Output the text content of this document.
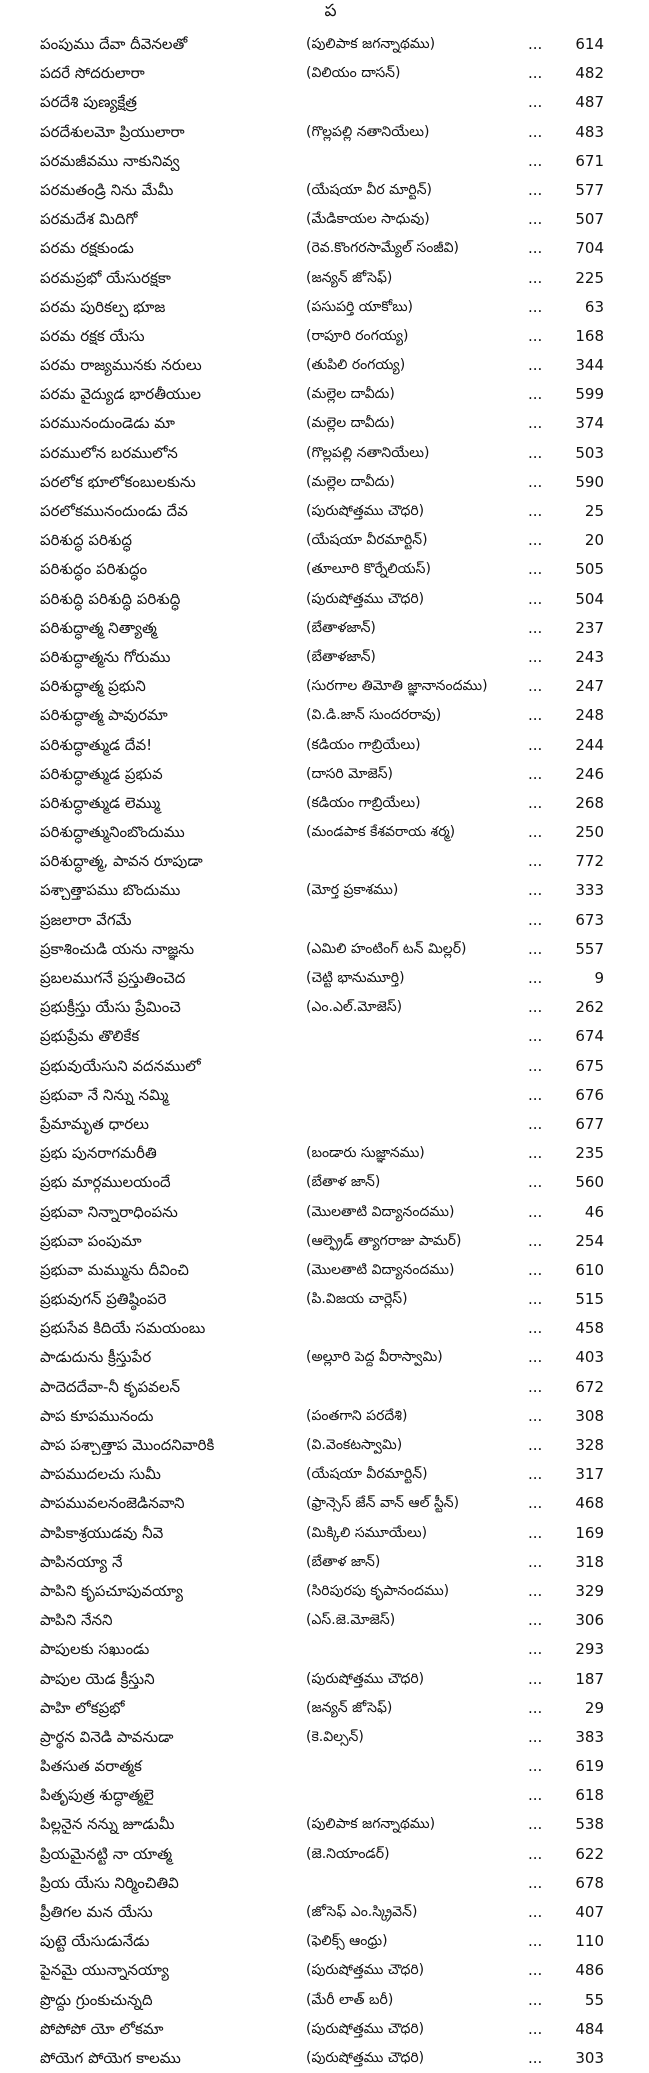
ప
పంపుము దేవా దీవెనలతో	(పులిపాక జగన్నాథము)	...	614
పదరే సోదరులారా	(విలియం దాసన్)	...	482
పరదేశి పుణ్యక్షేత్ర	...	487
పరదేశులమో ప్రియులారా	(గొల్లపల్లి నతానియేలు)	...	483
పరమజీవము నాకునివ్వ	...	671
పరమతండ్రి నిను మేమీ	(యేషయా వీర మార్టిన్)	...	577
పరమదేశ మిదిగో	(మేడికాయల సాధువు)	...	507
పరమ రక్షకుండు	(రెవ.కొంగరసామ్యేల్ సంజీవి)	...	704
పరమప్రభో యేసురక్షకా	(జన్యన్ జోసెఫ్)	...	225
పరమ పురికల్ప భూజ	(పసుపర్తి యాకోబు)	...	63
పరమ రక్షక యేసు	(రాపూరి రంగయ్య)	...	168
పరమ రాజ్యమునకు నరులు	(తుపిలి రంగయ్య)	...	344
పరమ వైద్యుడ భారతీయుల	(మల్లెల దావీదు)	...	599
పరమునందుండెడు మా	(మల్లెల దావీదు)	...	374
పరములోన బరములోన	(గొల్లపల్లి నతానియేలు)	...	503
పరలోక భూలోకంబులకును	(మల్లెల దావీదు)	...	590
పరలోకమునందుండు దేవ	(పురుషోత్తము చౌధరి)	...	25
పరిశుద్ధ పరిశుద్ధ	(యేషయా వీరమార్టిన్)	...	20
పరిశుద్ధం పరిశుద్ధం	(తూలూరి కొర్నేలియస్)	...	505
పరిశుద్ధి పరిశుద్ధి పరిశుద్ధి	(పురుషోత్తము చౌధరి)	...	504
పరిశుద్ధాత్మ నిత్యాత్మ	(బేతాళజాన్)	...	237
పరిశుద్ధాత్మను గోరుము	(బేతాళజాన్)	...	243
పరిశుద్ధాత్మ ప్రభుని	(సురగాల తిమోతి జ్ఞానానందము)	...	247
పరిశుద్ధాత్మ పావురమా	(వి.డి.జాన్ సుందరరావు)	...	248
పరిశుద్ధాత్ముడ దేవ!	(కడియం గాబ్రియేలు)	...	244
పరిశుద్ధాత్ముడ ప్రభువ	(దాసరి మోజెస్)	...	246
పరిశుద్ధాత్ముడ లెమ్ము	(కడియం గాబ్రియేలు)	...	268
పరిశుద్ధాత్మునింబొందుము	(మండపాక కేశవరాయ శర్మ)	...	250
పరిశుద్ధాత్మ, పావన రూపుడా	...	772
పశ్చాత్తాపము బొందుము	(మోర్త ప్రకాశము)	...	333
ప్రజలారా వేగమే	...	673
ప్రకాశించుడి యను నాజ్ఞను	(ఎమిలి హంటింగ్ టన్ మిల్లర్)	...	557
ప్రబలముగనే ప్రస్తుతించెద	(చెట్టి భానుమూర్తి)	...	9
ప్రభుక్రీస్తు యేసు ప్రేమించె	(ఎం.ఎల్.మోజెస్)	...	262
ప్రభుప్రేమ తొలికేక	...	674
ప్రభువుయేసుని వదనములో	...	675
ప్రభువా నే నిన్ను నమ్మి	...	676
ప్రేమామృత ధారలు	...	677
ప్రభు పునరాగమరీతి	(బండారు సుజ్ఞానము)	...	235
ప్రభు మార్గములయందే	(బేతాళ జాన్)	...	560
ప్రభువా నిన్నారాధింపను	(మొలతాటి విద్యానందము)	...	46
ప్రభువా పంపుమా	(ఆల్ఫ్రెడ్ త్యాగరాజు పామర్)	...	254
ప్రభువా మమ్మును దీవించి	(మొలతాటి విద్యానందము)	...	610
ప్రభువుగన్ ప్రతిష్ఠింపరె	(పి.విజయ చార్లెస్)	...	515
ప్రభుసేవ కిదియే సమయంబు	...	458
పాడుదును క్రీస్తుపేర	(అల్లూరి పెద్ద వీరాస్వామి)	...	403
పాదెదదేవా-నీ కృపవలన్	...	672
పాప కూపమునందు	(పంతగాని పరదేశి)	...	308
పాప పశ్చాత్తాప మొందనివారికి	(వి.వెంకటస్వామి)	...	328
పాపముదలచు సుమీ	(యేషయా వీరమార్టిన్)	...	317
పాపమువలనంజెడినవాని	(ఫ్రాన్సెస్ జేన్ వాన్ ఆల్ స్టీన్)	...	468
పాపికాశ్రయుడవు నీవె	(మిక్కిలి సమూయేలు)	...	169
పాపినయ్యా నే	(బేతాళ జాన్)	...	318
పాపిని కృపచూపువయ్యా	(సిరిపురపు కృపానందము)	...	329
పాపిని నేనని	(ఎస్.జె.మోజెస్)	...	306
పాపులకు సఖుండు	...	293
పాపుల యెడ క్రీస్తుని	(పురుషోత్తము చౌధరి)	...	187
పాహి లోకప్రభో	(జన్యన్ జోసెఫ్)	...	29
ప్రార్థన వినెడి పావనుడా	(కె.విల్సన్)	...	383
పితసుత వరాత్మక	...	619
పితృపుత్ర శుద్ధాత్మలై	...	618
పిల్లనైన నన్ను జూడుమీ	(పులిపాక జగన్నాథము)	...	538
ప్రియమైనట్టి నా యాత్మ	(జె.నియాండర్)	...	622
ప్రియ యేసు నిర్మించితివి	...	678
ప్రీతిగల మన యేసు	(జోసెఫ్ ఎం.స్క్రివెన్)	...	407
పుట్టె యేసుడునేడు	(ఫెలిక్స్ ఆంధ్రు)	...	110
పైనమై యున్నానయ్యా	(పురుషోత్తము చౌధరి)	...	486
ప్రొద్దు గ్రుంకుచున్నది	(మేరీ లాత్ బరీ)	...	55
పోపోపో యో లోకమా	(పురుషోత్తము చౌధరి)	...	484
పోయెగ పోయెగ కాలము	(పురుషోత్తము చౌధరి)	...	303
